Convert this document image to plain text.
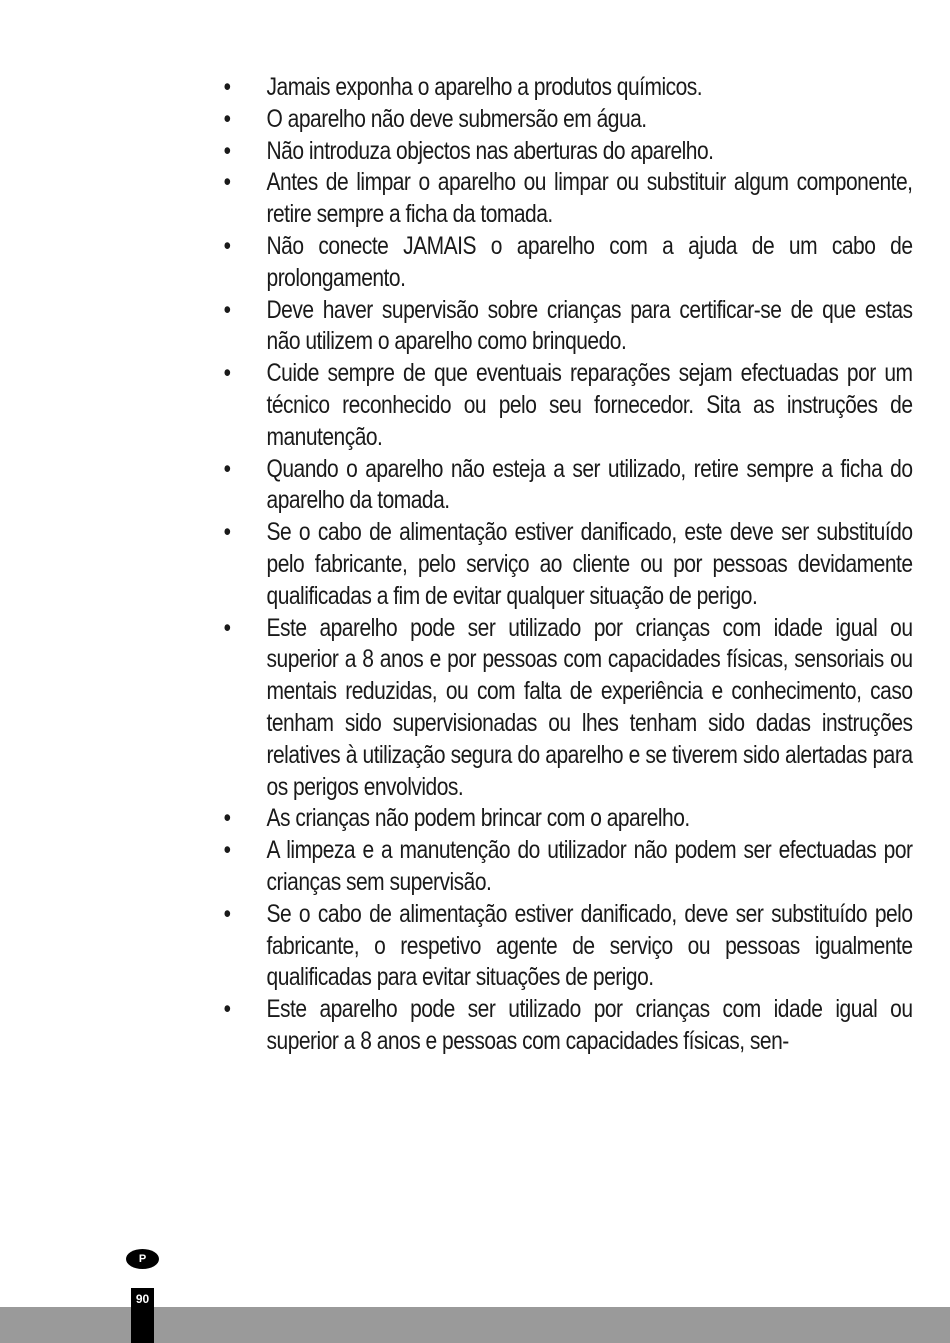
• Jamais exponha o aparelho a produtos químicos.
• O aparelho não deve submersão em água.
• Não introduza objectos nas aberturas do aparelho.
• Antes de limpar o aparelho ou limpar ou substituir algum componente, retire sempre a ficha da tomada.
• Não conecte JAMAIS o aparelho com a ajuda de um cabo de prolongamento.
• Deve haver supervisão sobre crianças para certificar-se de que estas não utilizem o aparelho como brinquedo.
• Cuide sempre de que eventuais reparações sejam efectuadas por um técnico reconhecido ou pelo seu fornecedor. Sita as instruções de manutenção.
• Quando o aparelho não esteja a ser utilizado, retire sempre a ficha do aparelho da tomada.
• Se o cabo de alimentação estiver danificado, este deve ser substituído pelo fabricante, pelo serviço ao cliente ou por pessoas devidamente qualificadas a fim de evitar qualquer situação de perigo.
• Este aparelho pode ser utilizado por crianças com idade igual ou superior a 8 anos e por pessoas com capacidades físicas, sensoriais ou mentais reduzidas, ou com falta de experiência e conhecimento, caso tenham sido supervisionadas ou lhes tenham sido dadas instruções relatives à utilização segura do aparelho e se tiverem sido alertadas para os perigos envolvidos.
• As crianças não podem brincar com o aparelho.
• A limpeza e a manutenção do utilizador não podem ser efectuadas por crianças sem supervisão.
• Se o cabo de alimentação estiver danificado, deve ser substituído pelo fabricante, o respetivo agente de serviço ou pessoas igualmente qualificadas para evitar situações de perigo.
• Este aparelho pode ser utilizado por crianças com idade igual ou superior a 8 anos e pessoas com capacidades físicas, sen-
P
90
